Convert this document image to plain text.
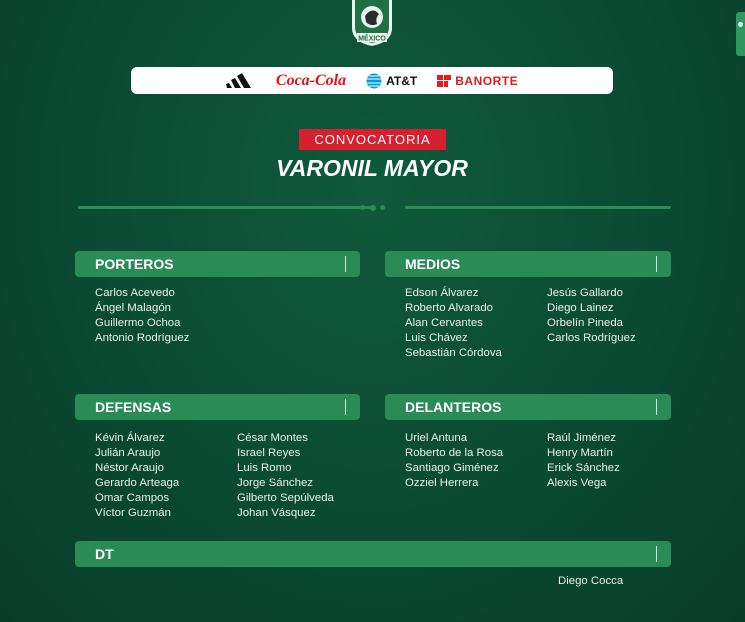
MÉXICO
Coca-Cola	AT&T	BANORTE
CONVOCATORIA
VARONIL MAYOR
PORTEROS
Carlos Acevedo
Ángel Malagón
Guillermo Ochoa
Antonio Rodríguez
MEDIOS
Edson Álvarez
Roberto Alvarado
Alan Cervantes
Luis Chávez
Sebastián Córdova
Jesús Gallardo
Diego Lainez
Orbelín Pineda
Carlos Rodríguez
DEFENSAS
Kévin Álvarez
Julián Araujo
Néstor Araujo
Gerardo Arteaga
Omar Campos
Víctor Guzmán
César Montes
Israel Reyes
Luis Romo
Jorge Sánchez
Gilberto Sepúlveda
Johan Vásquez
DELANTEROS
Uriel Antuna
Roberto de la Rosa
Santiago Giménez
Ozziel Herrera
Raúl Jiménez
Henry Martín
Erick Sánchez
Alexis Vega
DT
Diego Cocca
